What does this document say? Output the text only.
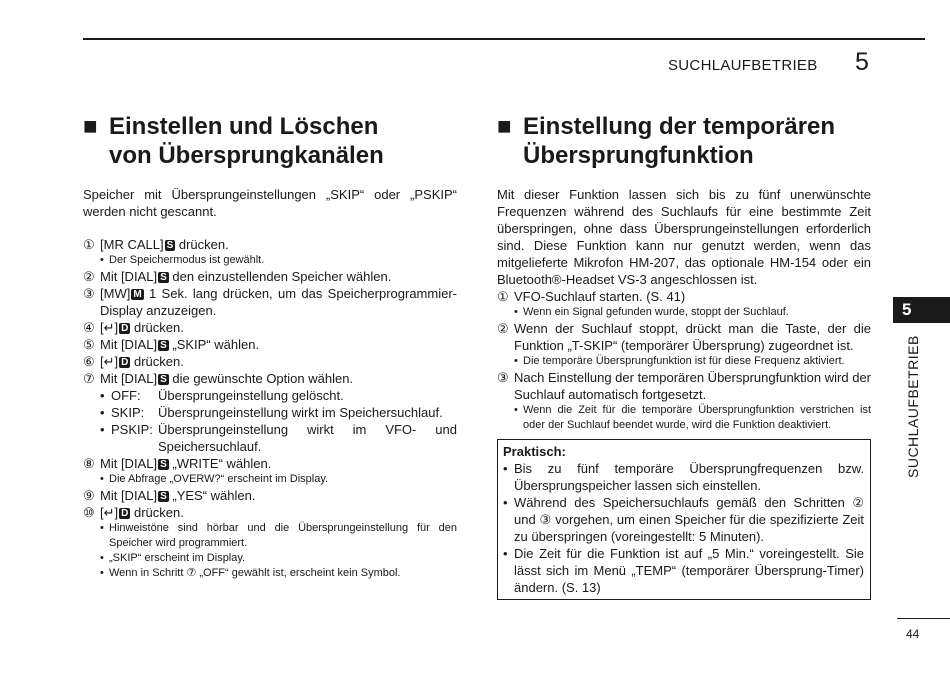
SUCHLAUFBETRIEB 5
■ Einstellen und Löschen
von Übersprungkanälen
Speicher mit Übersprungeinstellungen „SKIP“ oder „PSKIP“ werden nicht gescannt.
① [MR CALL] S drücken.
• Der Speichermodus ist gewählt.
② Mit [DIAL] S den einzustellenden Speicher wählen.
③ [MW] M 1 Sek. lang drücken, um das Speicherprogrammier-Display anzuzeigen.
④ [↵] D drücken.
⑤ Mit [DIAL] S „SKIP“ wählen.
⑥ [↵] D drücken.
⑦ Mit [DIAL] S die gewünschte Option wählen.
• OFF:	Übersprungeinstellung gelöscht.
• SKIP:	Übersprungeinstellung wirkt im Speichersuchlauf.
• PSKIP: Übersprungeinstellung wirkt im VFO- und Speichersuchlauf.
⑧ Mit [DIAL] S „WRITE“ wählen.
• Die Abfrage „OVERW?“ erscheint im Display.
⑨ Mit [DIAL] S „YES“ wählen.
⑩ [↵] D drücken.
• Hinweistöne sind hörbar und die Übersprungeinstellung für den Speicher wird programmiert.
• „SKIP“ erscheint im Display.
• Wenn in Schritt ⑦ „OFF“ gewählt ist, erscheint kein Symbol.
■ Einstellung der temporären
Übersprungfunktion
Mit dieser Funktion lassen sich bis zu fünf unerwünschte Frequenzen während des Suchlaufs für eine bestimmte Zeit überspringen, ohne dass Übersprungeinstellungen erforderlich sind. Diese Funktion kann nur genutzt werden, wenn das mitgelieferte Mikrofon HM-207, das optionale HM-154 oder ein Bluetooth®-Headset VS-3 angeschlossen ist.
① VFO-Suchlauf starten. (S. 41)
• Wenn ein Signal gefunden wurde, stoppt der Suchlauf.
② Wenn der Suchlauf stoppt, drückt man die Taste, der die Funktion „T-SKIP“ (temporärer Übersprung) zugeordnet ist.
• Die temporäre Übersprungfunktion ist für diese Frequenz aktiviert.
③ Nach Einstellung der temporären Übersprungfunktion wird der Suchlauf automatisch fortgesetzt.
• Wenn die Zeit für die temporäre Übersprungfunktion verstrichen ist oder der Suchlauf beendet wurde, wird die Funktion deaktiviert.
Praktisch:
• Bis zu fünf temporäre Übersprungfrequenzen bzw. Übersprungspeicher lassen sich einstellen.
• Während des Speichersuchlaufs gemäß den Schritten ② und ③ vorgehen, um einen Speicher für die spezifizierte Zeit zu überspringen (voreingestellt: 5 Minuten).
• Die Zeit für die Funktion ist auf „5 Min.“ voreingestellt. Sie lässt sich im Menü „TEMP“ (temporärer Übersprung-Timer) ändern. (S. 13)
5
SUCHLAUFBETRIEB
44
